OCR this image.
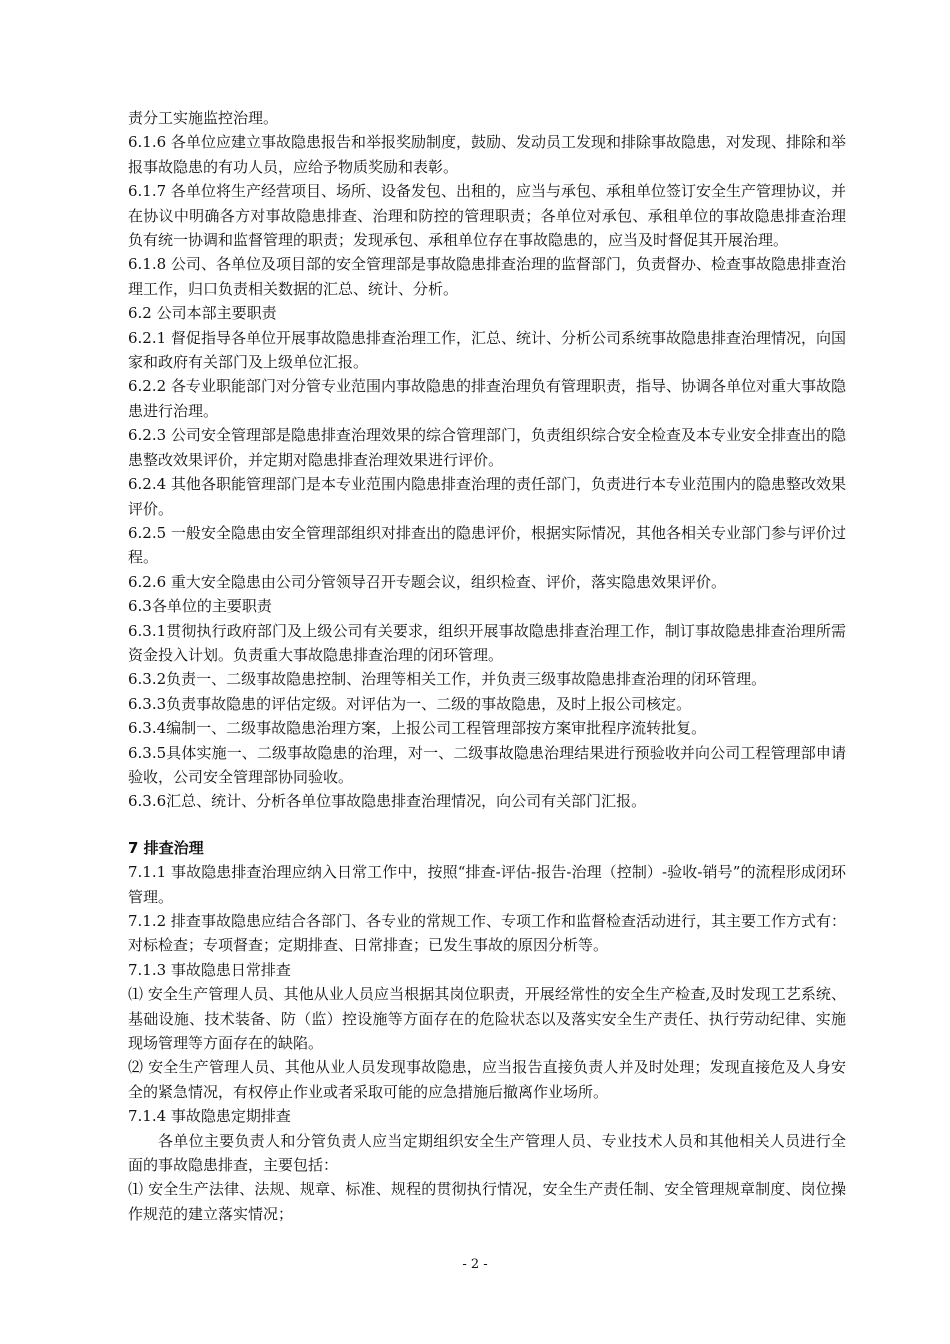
责分工实施监控治理。

6.1.6 各单位应建立事故隐患报告和举报奖励制度，鼓励、发动员工发现和排除事故隐患，对发现、排除和举报事故隐患的有功人员，应给予物质奖励和表彰。

6.1.7 各单位将生产经营项目、场所、设备发包、出租的，应当与承包、承租单位签订安全生产管理协议，并在协议中明确各方对事故隐患排查、治理和防控的管理职责；各单位对承包、承租单位的事故隐患排查治理负有统一协调和监督管理的职责；发现承包、承租单位存在事故隐患的，应当及时督促其开展治理。

6.1.8 公司、各单位及项目部的安全管理部是事故隐患排查治理的监督部门，负责督办、检查事故隐患排查治理工作，归口负责相关数据的汇总、统计、分析。

6.2 公司本部主要职责

6.2.1 督促指导各单位开展事故隐患排查治理工作，汇总、统计、分析公司系统事故隐患排查治理情况，向国家和政府有关部门及上级单位汇报。

6.2.2 各专业职能部门对分管专业范围内事故隐患的排查治理负有管理职责，指导、协调各单位对重大事故隐患进行治理。

6.2.3 公司安全管理部是隐患排查治理效果的综合管理部门，负责组织综合安全检查及本专业安全排查出的隐患整改效果评价，并定期对隐患排查治理效果进行评价。

6.2.4 其他各职能管理部门是本专业范围内隐患排查治理的责任部门，负责进行本专业范围内的隐患整改效果评价。

6.2.5 一般安全隐患由安全管理部组织对排查出的隐患评价，根据实际情况，其他各相关专业部门参与评价过程。

6.2.6 重大安全隐患由公司分管领导召开专题会议，组织检查、评价，落实隐患效果评价。

6.3各单位的主要职责

6.3.1贯彻执行政府部门及上级公司有关要求，组织开展事故隐患排查治理工作，制订事故隐患排查治理所需资金投入计划。负责重大事故隐患排查治理的闭环管理。

6.3.2负责一、二级事故隐患控制、治理等相关工作，并负责三级事故隐患排查治理的闭环管理。

6.3.3负责事故隐患的评估定级。对评估为一、二级的事故隐患，及时上报公司核定。

6.3.4编制一、二级事故隐患治理方案，上报公司工程管理部按方案审批程序流转批复。

6.3.5具体实施一、二级事故隐患的治理，对一、二级事故隐患治理结果进行预验收并向公司工程管理部申请验收，公司安全管理部协同验收。

6.3.6汇总、统计、分析各单位事故隐患排查治理情况，向公司有关部门汇报。

7 排查治理

7.1.1 事故隐患排查治理应纳入日常工作中，按照“排查-评估-报告-治理（控制）-验收-销号”的流程形成闭环管理。

7.1.2 排查事故隐患应结合各部门、各专业的常规工作、专项工作和监督检查活动进行，其主要工作方式有：对标检查；专项督查；定期排查、日常排查；已发生事故的原因分析等。

7.1.3 事故隐患日常排查

⑴ 安全生产管理人员、其他从业人员应当根据其岗位职责，开展经常性的安全生产检查,及时发现工艺系统、基础设施、技术装备、防（监）控设施等方面存在的危险状态以及落实安全生产责任、执行劳动纪律、实施现场管理等方面存在的缺陷。

⑵ 安全生产管理人员、其他从业人员发现事故隐患，应当报告直接负责人并及时处理；发现直接危及人身安全的紧急情况，有权停止作业或者采取可能的应急措施后撤离作业场所。

7.1.4 事故隐患定期排查

各单位主要负责人和分管负责人应当定期组织安全生产管理人员、专业技术人员和其他相关人员进行全面的事故隐患排查，主要包括：

⑴ 安全生产法律、法规、规章、标准、规程的贯彻执行情况，安全生产责任制、安全管理规章制度、岗位操作规范的建立落实情况；

- 2 -
